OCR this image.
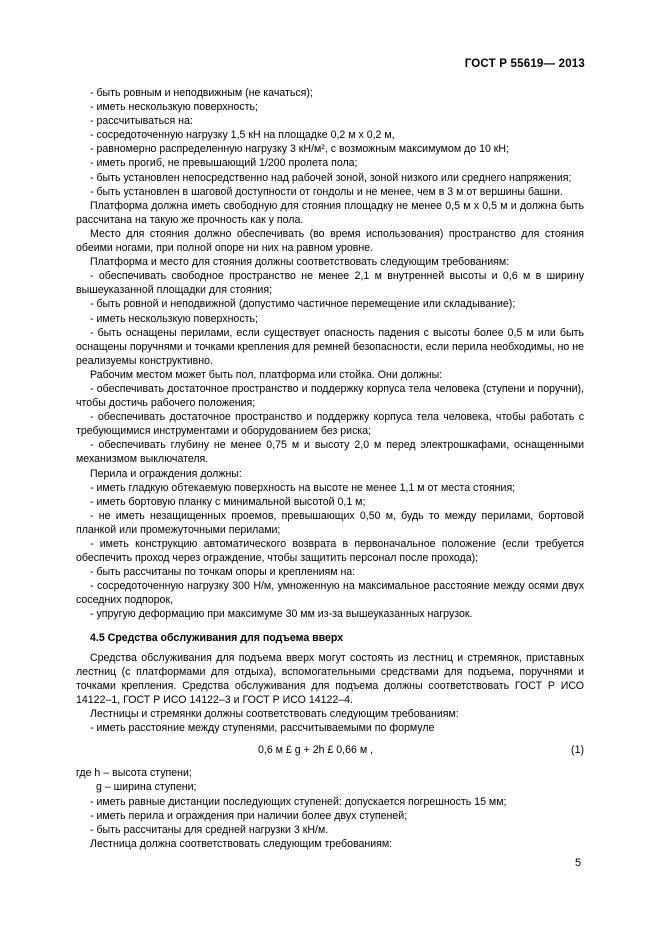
ГОСТ Р 55619— 2013

- быть ровным и неподвижным (не качаться);

- иметь нескользкую поверхность;

- рассчитываться на:

- сосредоточенную нагрузку 1,5 кН на площадке 0,2 м х 0,2 м,

- равномерно распределенную нагрузку 3 кН/м², с возможным максимумом до 10 кН;

- иметь прогиб, не превышающий 1/200 пролета пола;

- быть установлен непосредственно над рабочей зоной, зоной низкого или среднего напряжения;

- быть установлен в шаговой доступности от гондолы и не менее, чем в 3 м от вершины башни.

Платформа должна иметь свободную для стояния площадку не менее 0,5 м х 0,5 м и должна быть рассчитана на такую же прочность как у пола.

Место для стояния должно обеспечивать (во время использования) пространство для стояния обеими ногами, при полной опоре ни них на равном уровне.

Платформа и место для стояния должны соответствовать следующим требованиям:

- обеспечивать свободное пространство не менее 2,1 м внутренней высоты и 0,6 м в ширину вышеуказанной площадки для стояния;

- быть ровной и неподвижной (допустимо частичное перемещение или складывание);

- иметь нескользкую поверхность;

- быть оснащены перилами, если существует опасность падения с высоты более 0,5 м или быть оснащены поручнями и точками крепления для ремней безопасности, если перила необходимы, но не реализуемы конструктивно.

Рабочим местом может быть пол, платформа или стойка. Они должны:

- обеспечивать достаточное пространство и поддержку корпуса тела человека (ступени и поручни), чтобы достичь рабочего положения;

- обеспечивать достаточное пространство и поддержку корпуса тела человека, чтобы работать с требующимися инструментами и оборудованием без риска;

- обеспечивать глубину не менее 0,75 м и высоту 2,0 м перед электрошкафами, оснащенными механизмом выключателя.

Перила и ограждения должны:

- иметь гладкую обтекаемую поверхность на высоте не менее 1,1 м от места стояния;

- иметь бортовую планку с минимальной высотой 0,1 м;

- не иметь незащищенных проемов, превышающих 0,50 м, будь то между перилами, бортовой планкой или промежуточными перилами;

- иметь конструкцию автоматического возврата в первоначальное положение (если требуется обеспечить проход через ограждение, чтобы защитить персонал после прохода);

- быть рассчитаны по точкам опоры и креплениям на:

- сосредоточенную нагрузку 300 Н/м, умноженную на максимальное расстояние между осями двух соседних подпорок,

- упругую деформацию при максимуме 30 мм из-за вышеуказанных нагрузок.

4.5 Средства обслуживания для подъема вверх

Средства обслуживания для подъема вверх могут состоять из лестниц и стремянок, приставных лестниц (с платформами для отдыха), вспомогательными средствами для подъема, поручнями и точками крепления. Средства обслуживания для подъема должны соответствовать ГОСТ Р ИСО 14122–1, ГОСТ Р ИСО 14122–3 и ГОСТ Р ИСО 14122–4.

Лестницы и стремянки должны соответствовать следующим требованиям:

- иметь расстояние между ступенями, рассчитываемыми по формуле

0,6 м £ g + 2h £ 0,66 м ,	(1)

где h – высота ступени;

g – ширина ступени;

- иметь равные дистанции последующих ступеней: допускается погрешность 15 мм;

- иметь перила и ограждения при наличии более двух ступеней;

- быть рассчитаны для средней нагрузки 3 кН/м.

Лестница должна соответствовать следующим требованиям:

5
